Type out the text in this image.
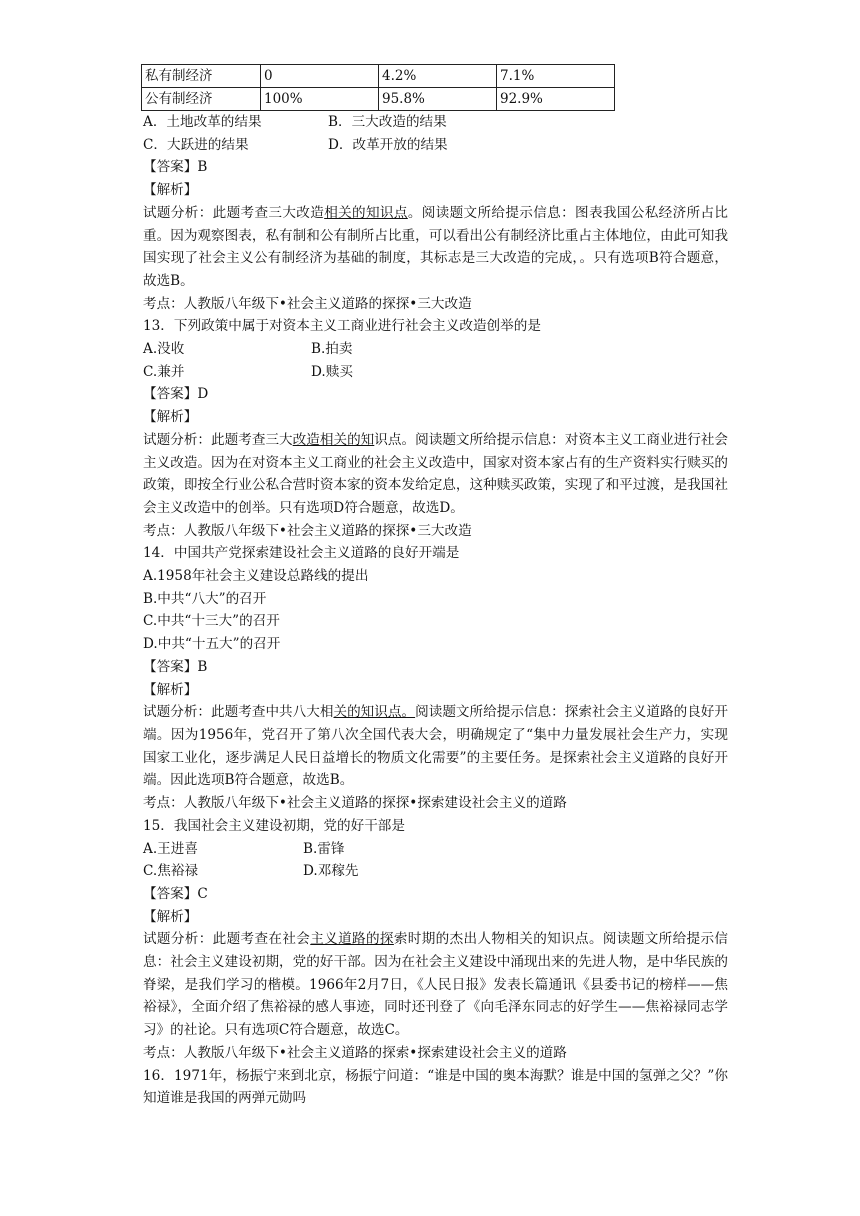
私有制经济	0	4.2%	7.1%
公有制经济	100%	95.8%	92.9%
A．土地改革的结果	B．三大改造的结果
C．大跃进的结果	D．改革开放的结果
【答案】B
【解析】
试题分析：此题考查三大改造相关的知识点。阅读题文所给提示信息：图表我国公私经济所占比重。因为观察图表，私有制和公有制所占比重，可以看出公有制经济比重占主体地位，由此可知我国实现了社会主义公有制经济为基础的制度，其标志是三大改造的完成，。只有选项B符合题意，故选B。
考点：人教版八年级下•社会主义道路的探探•三大改造
13．下列政策中属于对资本主义工商业进行社会主义改造创举的是
A.没收	B.拍卖
C.兼并	D.赎买
【答案】D
【解析】
试题分析：此题考查三大改造相关的知识点。阅读题文所给提示信息：对资本主义工商业进行社会主义改造。因为在对资本主义工商业的社会主义改造中，国家对资本家占有的生产资料实行赎买的政策，即按全行业公私合营时资本家的资本发给定息，这种赎买政策，实现了和平过渡，是我国社会主义改造中的创举。只有选项D符合题意，故选D。
考点：人教版八年级下•社会主义道路的探探•三大改造
14．中国共产党探索建设社会主义道路的良好开端是
A.1958年社会主义建设总路线的提出
B.中共“八大”的召开
C.中共“十三大”的召开
D.中共“十五大”的召开
【答案】B
【解析】
试题分析：此题考查中共八大相关的知识点。阅读题文所给提示信息：探索社会主义道路的良好开端。因为1956年，党召开了第八次全国代表大会，明确规定了“集中力量发展社会生产力，实现国家工业化，逐步满足人民日益增长的物质文化需要”的主要任务。是探索社会主义道路的良好开端。因此选项B符合题意，故选B。
考点：人教版八年级下•社会主义道路的探探•探索建设社会主义的道路
15．我国社会主义建设初期，党的好干部是
A.王进喜	B.雷锋
C.焦裕禄	D.邓稼先
【答案】C
【解析】
试题分析：此题考查在社会主义道路的探索时期的杰出人物相关的知识点。阅读题文所给提示信息：社会主义建设初期，党的好干部。因为在社会主义建设中涌现出来的先进人物，是中华民族的脊梁，是我们学习的楷模。1966年2月7日，《人民日报》发表长篇通讯《县委书记的榜样——焦裕禄》，全面介绍了焦裕禄的感人事迹，同时还刊登了《向毛泽东同志的好学生——焦裕禄同志学习》的社论。只有选项C符合题意，故选C。
考点：人教版八年级下•社会主义道路的探索•探索建设社会主义的道路
16．1971年，杨振宁来到北京，杨振宁问道：“谁是中国的奥本海默？谁是中国的氢弹之父？”你知道谁是我国的两弹元勋吗
